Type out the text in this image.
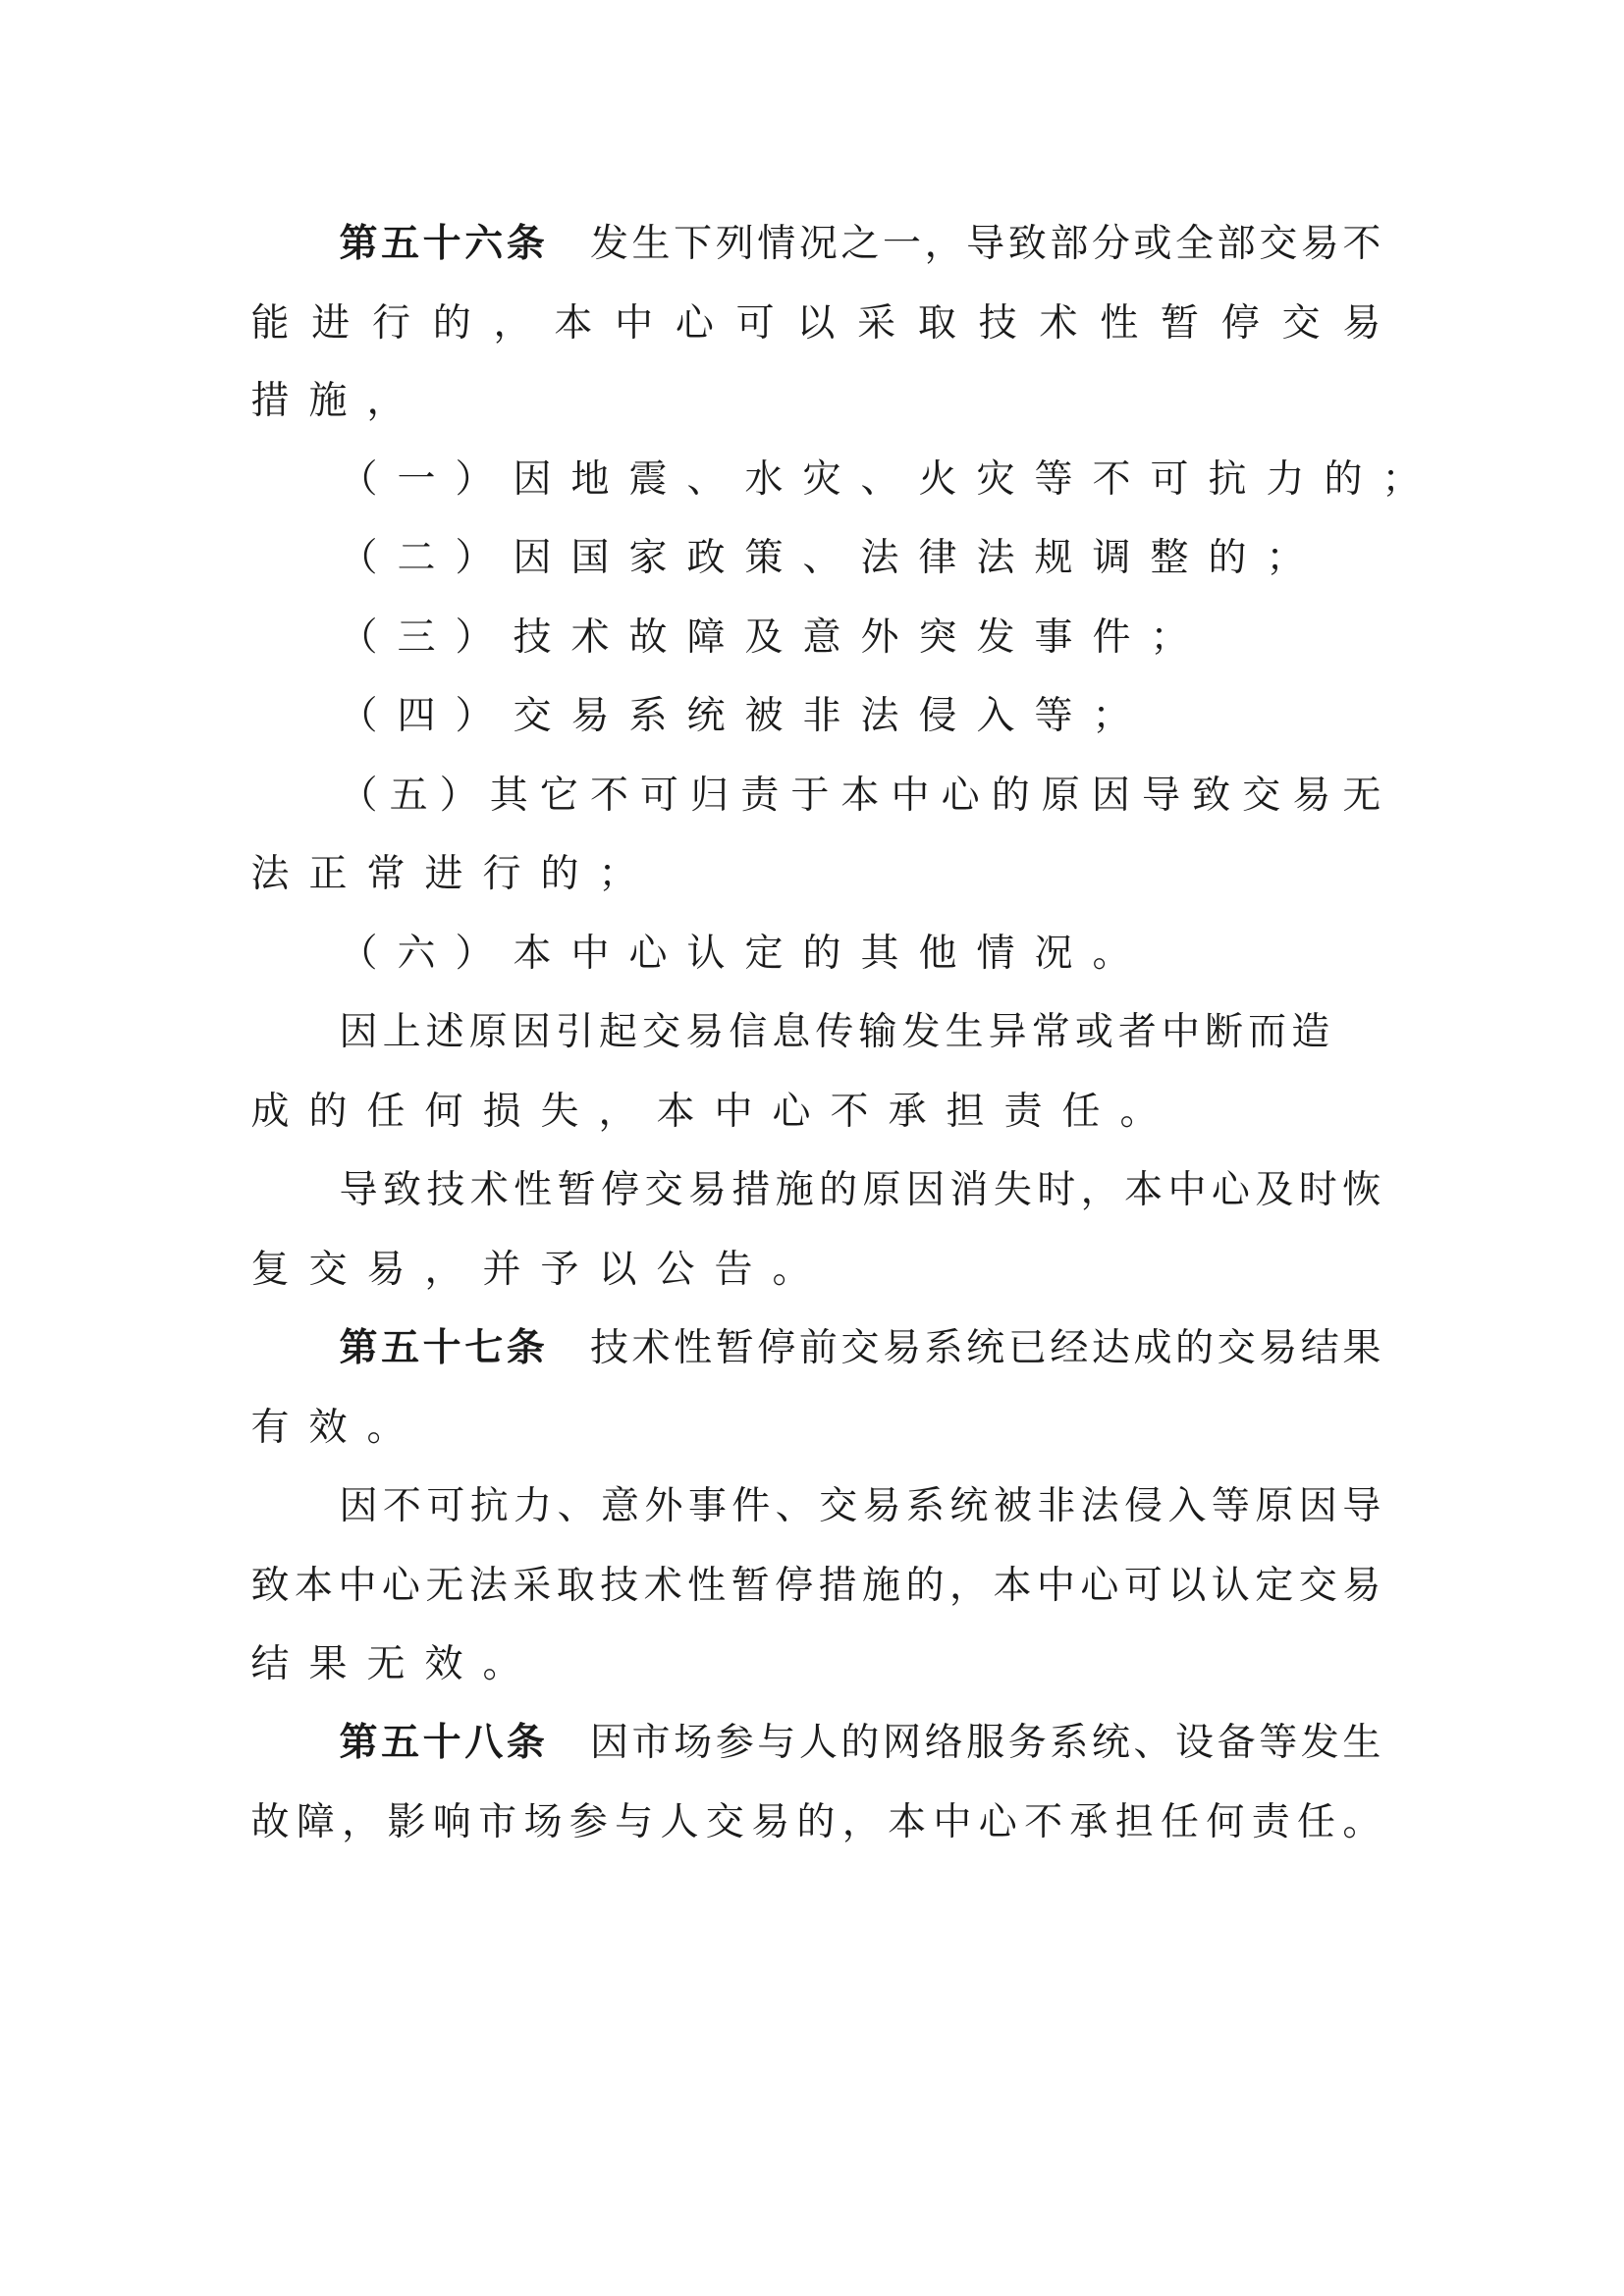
第 五 十 六 条 发 生 下 列 情 况 之 一 ， 导 致 部 分 或 全 部 交 易 不
能 进 行 的 ， 本 中 心 可 以 采 取 技 术 性 暂 停 交 易
措 施 ，
（ 一 ） 因 地 震 、 水 灾 、 火 灾 等 不 可 抗 力 的 ；
（ 二 ） 因 国 家 政 策 、 法 律 法 规 调 整 的 ；
（ 三 ） 技 术 故 障 及 意 外 突 发 事 件 ；
（ 四 ） 交 易 系 统 被 非 法 侵 入 等 ；
（ 五 ） 其 它 不 可 归 责 于 本 中 心 的 原 因 导 致 交 易 无
法 正 常 进 行 的 ；
（ 六 ） 本 中 心 认 定 的 其 他 情 况 。
因 上 述 原 因 引 起 交 易 信 息 传 输 发 生 异 常 或 者 中 断 而 造
成 的 任 何 损 失 ， 本 中 心 不 承 担 责 任 。
导 致 技 术 性 暂 停 交 易 措 施 的 原 因 消 失 时 ， 本 中 心 及 时 恢
复 交 易 ， 并 予 以 公 告 。
第 五 十 七 条 技 术 性 暂 停 前 交 易 系 统 已 经 达 成 的 交 易 结 果
有 效 。
因 不 可 抗 力 、 意 外 事 件 、 交 易 系 统 被 非 法 侵 入 等 原 因 导
致 本 中 心 无 法 采 取 技 术 性 暂 停 措 施 的 ， 本 中 心 可 以 认 定 交 易
结 果 无 效 。
第 五 十 八 条 因 市 场 参 与 人 的 网 络 服 务 系 统 、 设 备 等 发 生
故 障 ， 影 响 市 场 参 与 人 交 易 的 ， 本 中 心 不 承 担 任 何 责 任 。
